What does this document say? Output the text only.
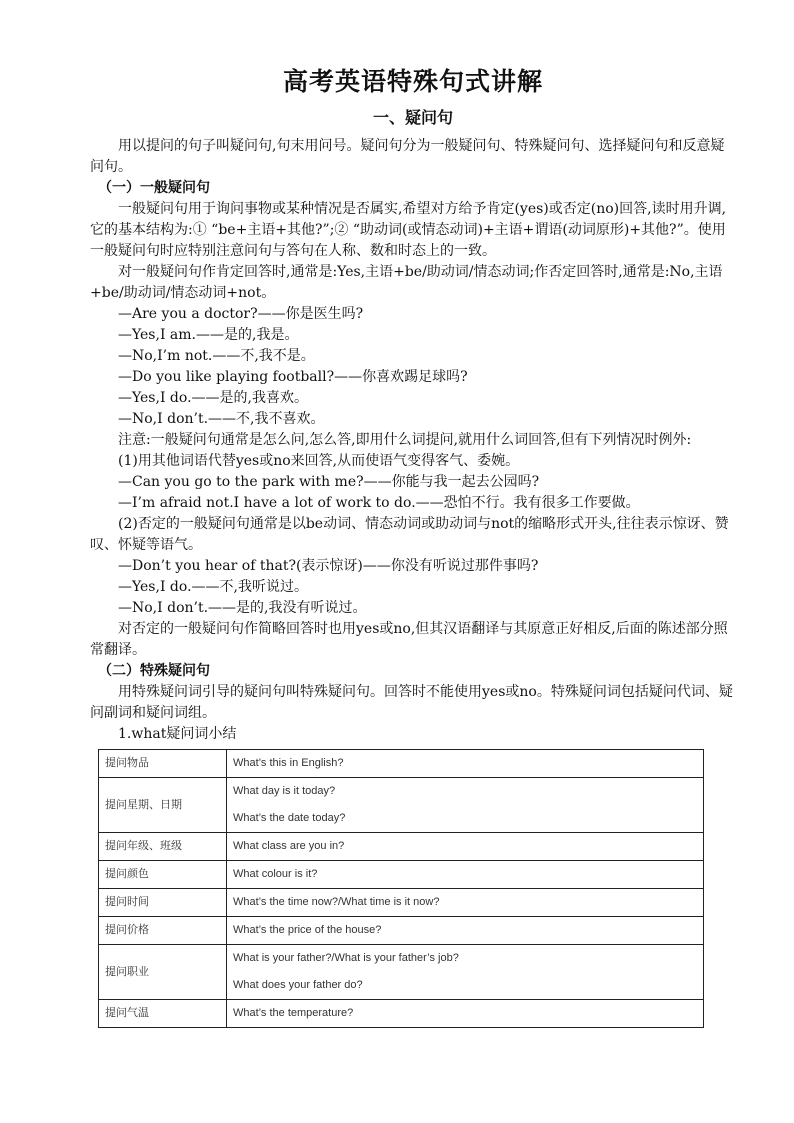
高考英语特殊句式讲解
一、疑问句

　　用以提问的句子叫疑问句,句末用问号。疑问句分为一般疑问句、特殊疑问句、选择疑问句和反意疑问句。

（一）一般疑问句

　　一般疑问句用于询问事物或某种情况是否属实,希望对方给予肯定(yes)或否定(no)回答,读时用升调,它的基本结构为:① “be+主语+其他?”;② “助动词(或情态动词)+主语+谓语(动词原形)+其他?”。使用一般疑问句时应特别注意问句与答句在人称、数和时态上的一致。

　　对一般疑问句作肯定回答时,通常是:Yes,主语+be/助动词/情态动词;作否定回答时,通常是:No,主语+be/助动词/情态动词+not。

　　—Are you a doctor?——你是医生吗?

　　—Yes,I am.——是的,我是。

　　—No,I’m not.——不,我不是。

　　—Do you like playing football?——你喜欢踢足球吗?

　　—Yes,I do.——是的,我喜欢。

　　—No,I don’t.——不,我不喜欢。

　　注意:一般疑问句通常是怎么问,怎么答,即用什么词提问,就用什么词回答,但有下列情况时例外:

　　(1)用其他词语代替yes或no来回答,从而使语气变得客气、委婉。

　　—Can you go to the park with me?——你能与我一起去公园吗?

　　—I’m afraid not.I have a lot of work to do.——恐怕不行。我有很多工作要做。

　　(2)否定的一般疑问句通常是以be动词、情态动词或助动词与not的缩略形式开头,往往表示惊讶、赞叹、怀疑等语气。

　　—Don’t you hear of that?(表示惊讶)——你没有听说过那件事吗?

　　—Yes,I do.——不,我听说过。

　　—No,I don’t.——是的,我没有听说过。

　　对否定的一般疑问句作简略回答时也用yes或no,但其汉语翻译与其原意正好相反,后面的陈述部分照常翻译。

（二）特殊疑问句

　　用特殊疑问词引导的疑问句叫特殊疑问句。回答时不能使用yes或no。特殊疑问词包括疑问代词、疑问副词和疑问词组。

　　1.what疑问词小结

提问物品	What’s this in English?

提问星期、日期	What day is it today?
What’s the date today?

提问年级、班级	What class are you in?

提问颜色	What colour is it?

提问时间	What’s the time now?/What time is it now?

提问价格	What’s the price of the house?

提问职业	What is your father?/What is your father’s job?
What does your father do?

提问气温	What’s the temperature?
